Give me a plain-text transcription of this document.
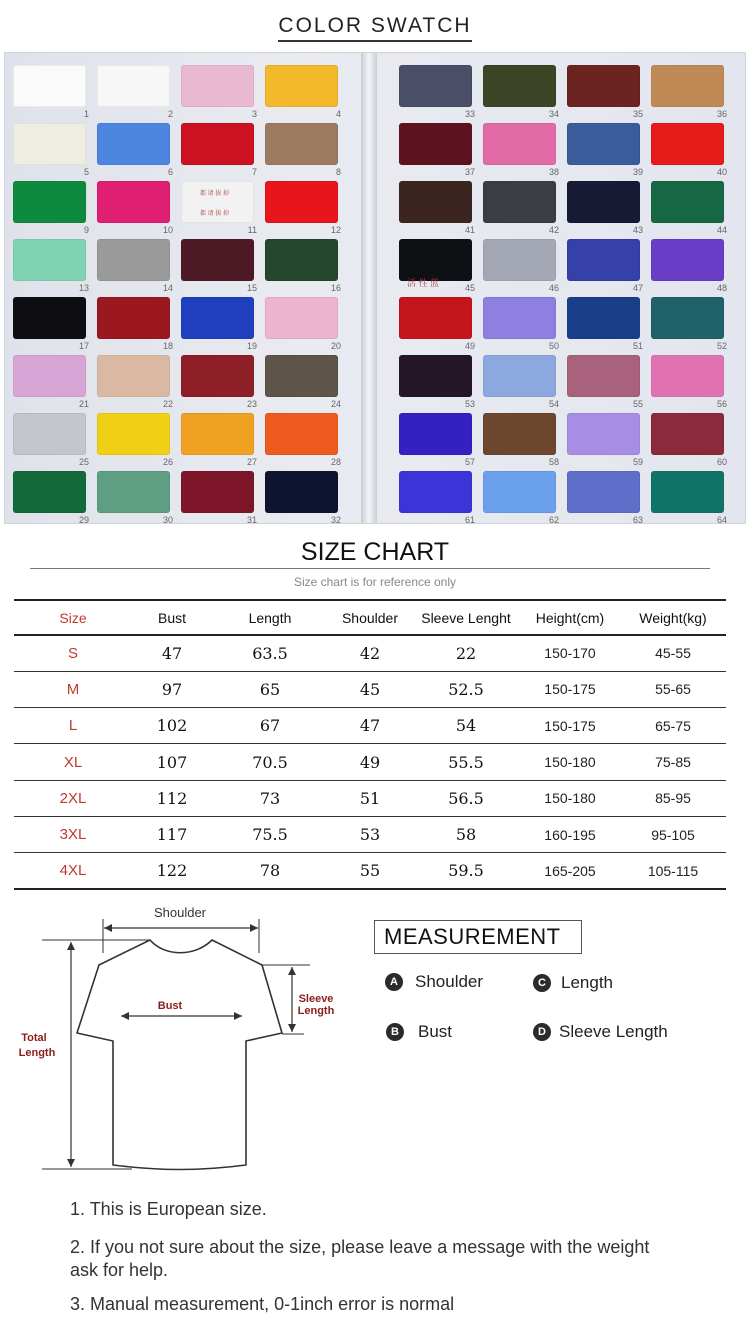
COLOR SWATCH
1	2	3	4
5	6	7	8
9	10	11	12
13	14	15	16
17	18	19	20
21	22	23	24
25	26	27	28
29	30	31	32
33	34	35	36
37	38	39	40
41	42	43	44
45	46	47	48
49	50	51	52
53	54	55	56
57	58	59	60
61	62	63	64
都 请 拔 掉
都 请 拔 掉
活 性 蓝
SIZE CHART
Size chart is for reference only
Size	Bust	Length	Shoulder	Sleeve Lenght	Height(cm)	Weight(kg)
S	47	63.5	42	22	150-170	45-55
M	97	65	45	52.5	150-175	55-65
L	102	67	47	54	150-175	65-75
XL	107	70.5	49	55.5	150-180	75-85
2XL	112	73	51	56.5	150-180	85-95
3XL	117	75.5	53	58	160-195	95-105
4XL	122	78	55	59.5	165-205	105-115
Shoulder
Bust
Sleeve
Length
Total
Length
MEASUREMENT
A Shoulder	C Length
B Bust	D Sleeve Length
1. This is European size.
2. If you not sure about the size, please leave a message with the weight ask for help.
3. Manual measurement, 0-1inch error is normal
